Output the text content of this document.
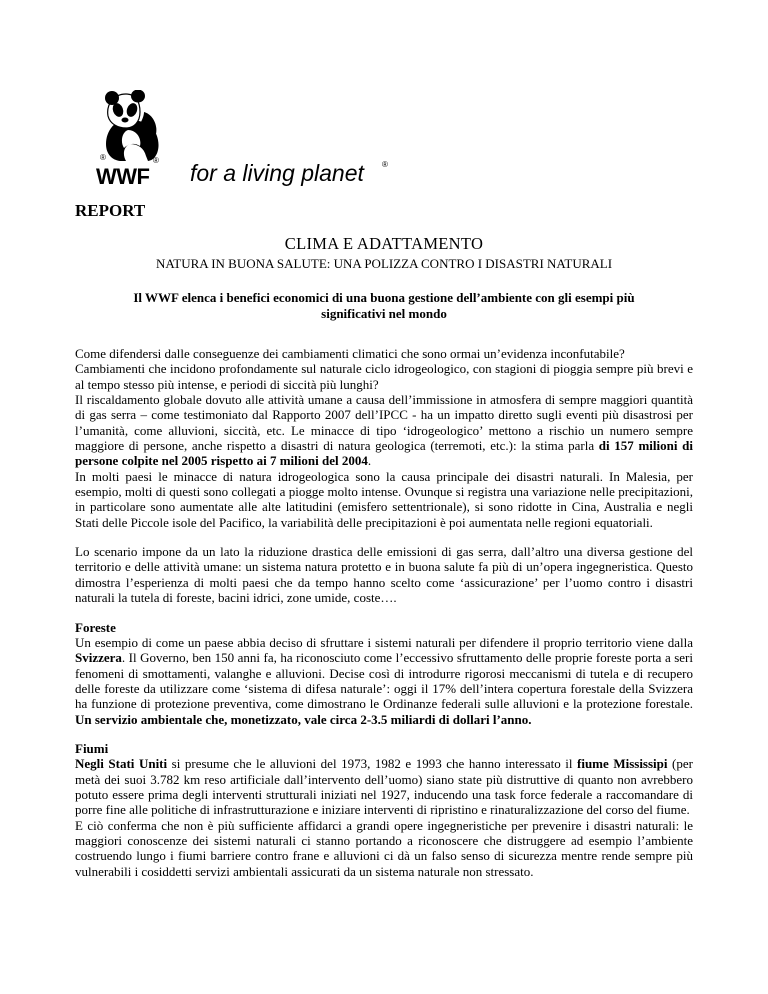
®	®
WWF for a living planet ®
REPORT
CLIMA E ADATTAMENTO
NATURA IN BUONA SALUTE: UNA POLIZZA CONTRO I DISASTRI NATURALI
Il WWF elenca i benefici economici di una buona gestione dell’ambiente con gli esempi più significativi nel mondo

Come difendersi dalle conseguenze dei cambiamenti climatici che sono ormai un’evidenza inconfutabile?
Cambiamenti che incidono profondamente sul naturale ciclo idrogeologico, con stagioni di pioggia sempre più brevi e al tempo stesso più intense, e periodi di siccità più lunghi?
Il riscaldamento globale dovuto alle attività umane a causa dell’immissione in atmosfera di sempre maggiori quantità di gas serra – come testimoniato dal Rapporto 2007 dell’IPCC - ha un impatto diretto sugli eventi più disastrosi per l’umanità, come alluvioni, siccità, etc. Le minacce di tipo ‘idrogeologico’ mettono a rischio un numero sempre maggiore di persone, anche rispetto a disastri di natura geologica (terremoti, etc.): la stima parla di 157 milioni di persone colpite nel 2005 rispetto ai 7 milioni del 2004.
In molti paesi le minacce di natura idrogeologica sono la causa principale dei disastri naturali. In Malesia, per esempio, molti di questi sono collegati a piogge molto intense. Ovunque si registra una variazione nelle precipitazioni, in particolare sono aumentate alle alte latitudini (emisfero settentrionale), si sono ridotte in Cina, Australia e negli Stati delle Piccole isole del Pacifico, la variabilità delle precipitazioni è poi aumentata nelle regioni equatoriali.

Lo scenario impone da un lato la riduzione drastica delle emissioni di gas serra, dall’altro una diversa gestione del territorio e delle attività umane: un sistema natura protetto e in buona salute fa più di un’opera ingegneristica. Questo dimostra l’esperienza di molti paesi che da tempo hanno scelto come ‘assicurazione’ per l’uomo contro i disastri naturali la tutela di foreste, bacini idrici, zone umide, coste….

Foreste
Un esempio di come un paese abbia deciso di sfruttare i sistemi naturali per difendere il proprio territorio viene dalla Svizzera. Il Governo, ben 150 anni fa, ha riconosciuto come l’eccessivo sfruttamento delle proprie foreste porta a seri fenomeni di smottamenti, valanghe e alluvioni. Decise così di introdurre rigorosi meccanismi di tutela e di recupero delle foreste da utilizzare come ‘sistema di difesa naturale’: oggi il 17% dell’intera copertura forestale della Svizzera ha funzione di protezione preventiva, come dimostrano le Ordinanze federali sulle alluvioni e la protezione forestale. Un servizio ambientale che, monetizzato, vale circa 2-3.5 miliardi di dollari l’anno.

Fiumi
Negli Stati Uniti si presume che le alluvioni del 1973, 1982 e 1993 che hanno interessato il fiume Mississipi (per metà dei suoi 3.782 km reso artificiale dall’intervento dell’uomo) siano state più distruttive di quanto non avrebbero potuto essere prima degli interventi strutturali iniziati nel 1927, inducendo una task force federale a raccomandare di porre fine alle politiche di infrastrutturazione e iniziare interventi di ripristino e rinaturalizzazione del corso del fiume.
E ciò conferma che non è più sufficiente affidarci a grandi opere ingegneristiche per prevenire i disastri naturali: le maggiori conoscenze dei sistemi naturali ci stanno portando a riconoscere che distruggere ad esempio l’ambiente costruendo lungo i fiumi barriere contro frane e alluvioni ci dà un falso senso di sicurezza mentre rende sempre più vulnerabili i cosiddetti servizi ambientali assicurati da un sistema naturale non stressato.
